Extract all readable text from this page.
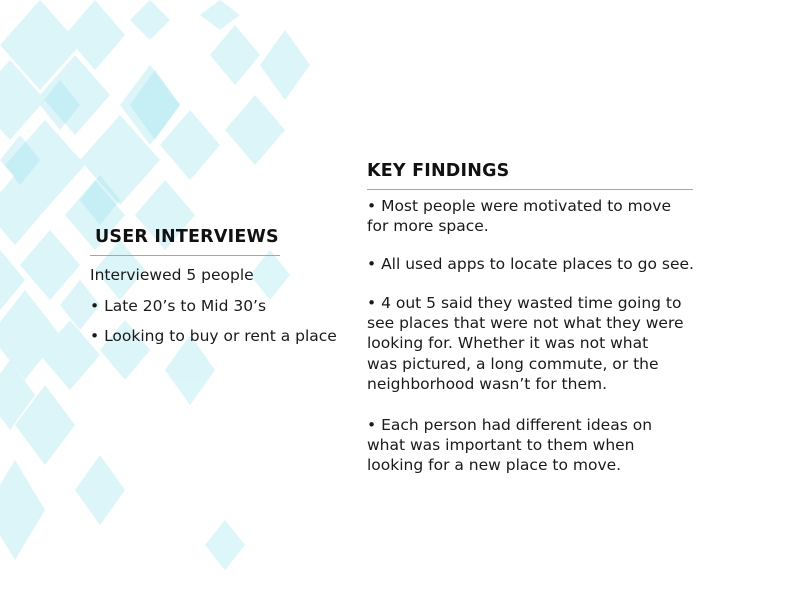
USER INTERVIEWS

Interviewed 5 people

• Late 20’s to Mid 30’s

• Looking to buy or rent a place

KEY FINDINGS
• Most people were motivated to move
for more space.
• All used apps to locate places to go see.
• 4 out 5 said they wasted time going to
see places that were not what they were
looking for. Whether it was not what
was pictured, a long commute, or the
neighborhood wasn’t for them.
• Each person had different ideas on
what was important to them when
looking for a new place to move.
